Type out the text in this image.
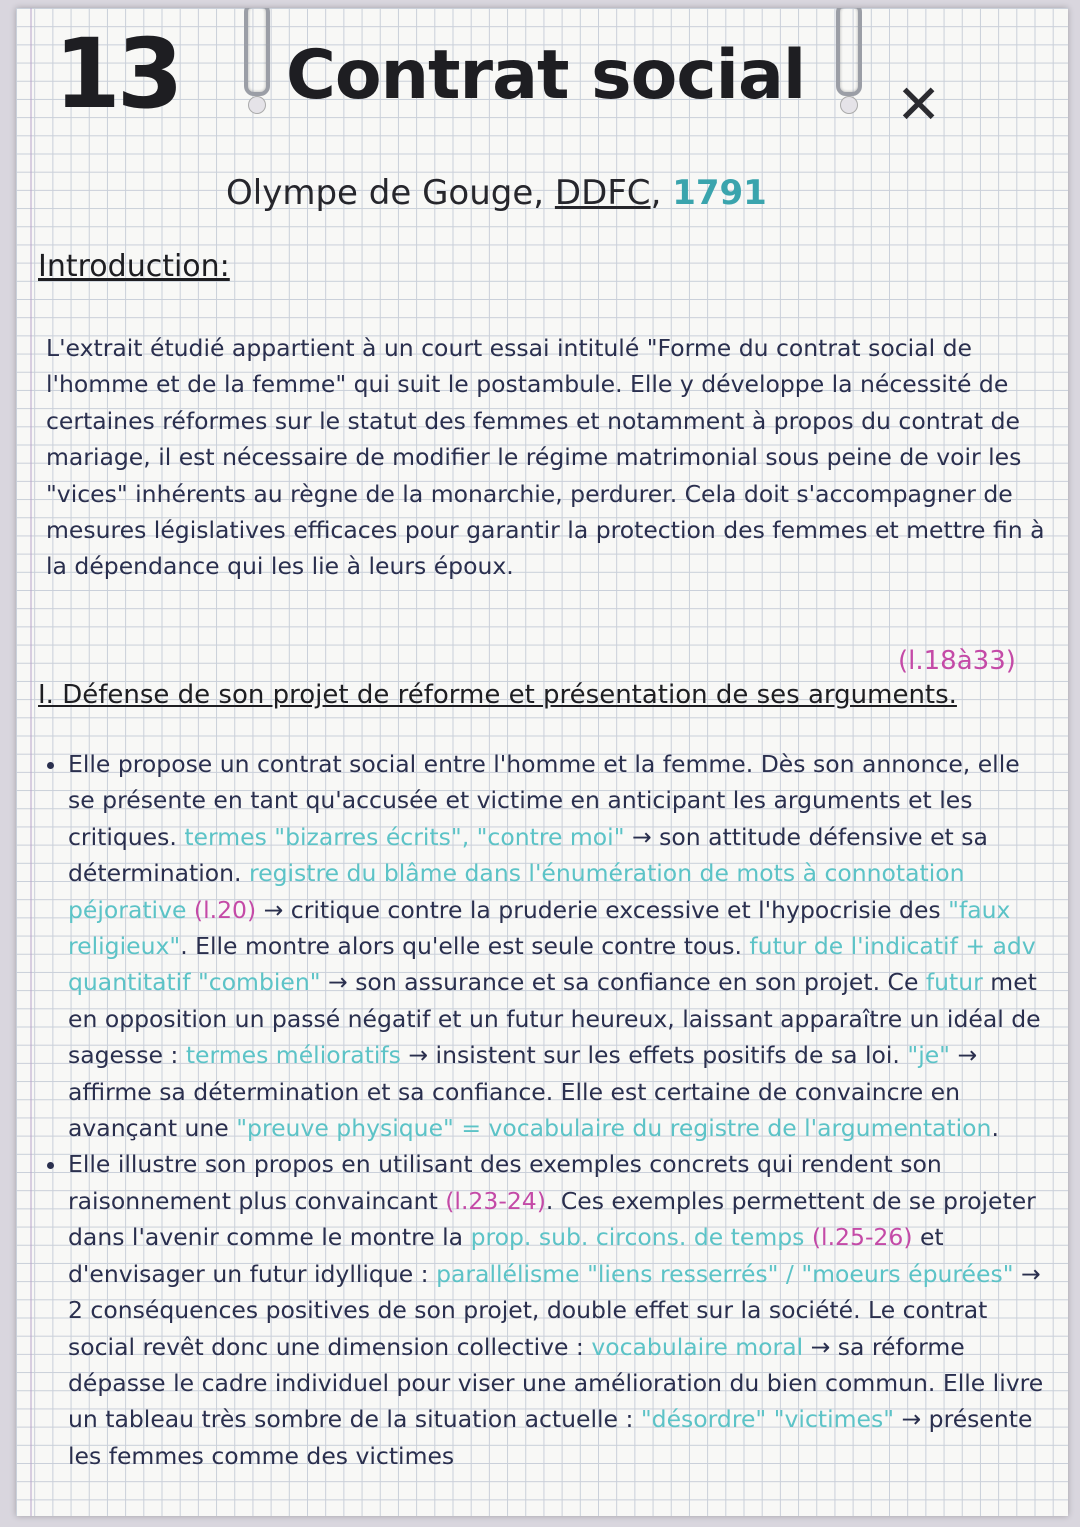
13 Contrat social ✕
Olympe de Gouge, DDFC, 1791
Introduction:
L'extrait étudié appartient à un court essai intitulé "Forme du contrat social de l'homme et de la femme" qui suit le postambule. Elle y développe la nécessité de certaines réformes sur le statut des femmes et notamment à propos du contrat de mariage, il est nécessaire de modifier le régime matrimonial sous peine de voir les "vices" inhérents au règne de la monarchie, perdurer. Cela doit s'accompagner de mesures législatives efficaces pour garantir la protection des femmes et mettre fin à la dépendance qui les lie à leurs époux.
(l.18à33)
I. Défense de son projet de réforme et présentation de ses arguments.
• Elle propose un contrat social entre l'homme et la femme. Dès son annonce, elle se présente en tant qu'accusée et victime en anticipant les arguments et les critiques. termes "bizarres écrits", "contre moi" → son attitude défensive et sa détermination. registre du blâme dans l'énumération de mots à connotation péjorative (l.20) → critique contre la pruderie excessive et l'hypocrisie des "faux religieux". Elle montre alors qu'elle est seule contre tous. futur de l'indicatif + adv quantitatif "combien" → son assurance et sa confiance en son projet. Ce futur met en opposition un passé négatif et un futur heureux, laissant apparaître un idéal de sagesse : termes mélioratifs → insistent sur les effets positifs de sa loi. "je" → affirme sa détermination et sa confiance. Elle est certaine de convaincre en avançant une "preuve physique" = vocabulaire du registre de l'argumentation.
• Elle illustre son propos en utilisant des exemples concrets qui rendent son raisonnement plus convaincant (l.23-24). Ces exemples permettent de se projeter dans l'avenir comme le montre la prop. sub. circons. de temps (l.25-26) et d'envisager un futur idyllique : parallélisme "liens resserrés" / "moeurs épurées" → 2 conséquences positives de son projet, double effet sur la société. Le contrat social revêt donc une dimension collective : vocabulaire moral → sa réforme dépasse le cadre individuel pour viser une amélioration du bien commun. Elle livre un tableau très sombre de la situation actuelle : "désordre" "victimes" → présente les femmes comme des victimes
